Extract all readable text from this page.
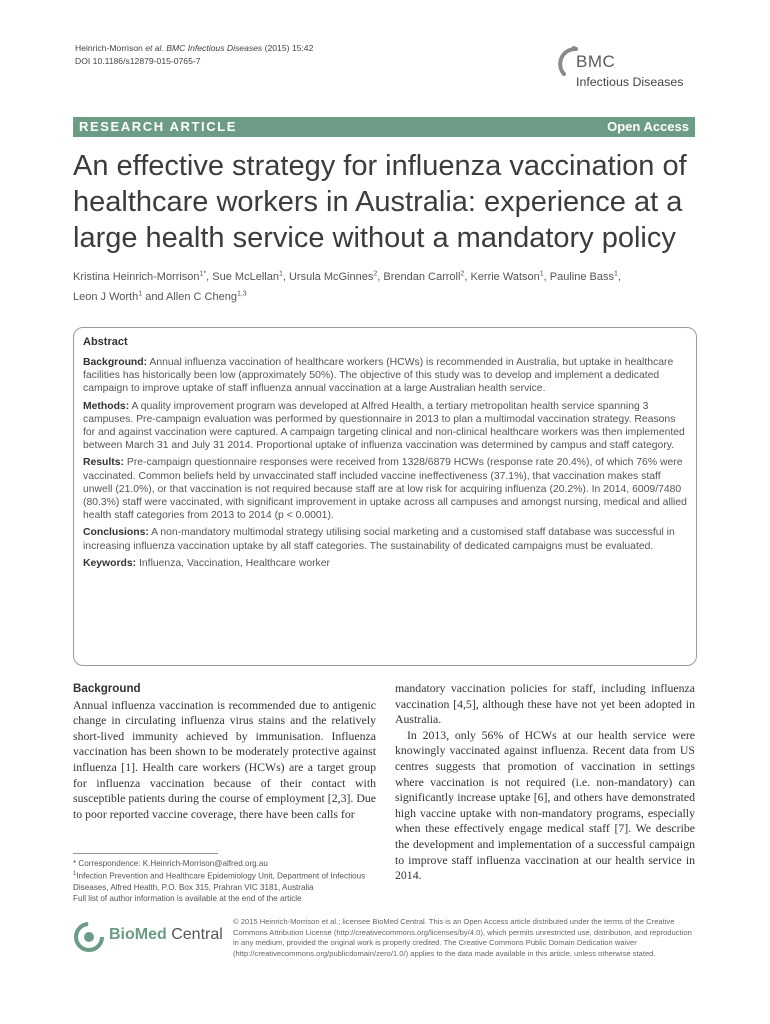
Heinrich-Morrison et al. BMC Infectious Diseases (2015) 15:42
DOI 10.1186/s12879-015-0765-7	BMC
Infectious Diseases
RESEARCH ARTICLE	Open Access
An effective strategy for influenza vaccination of healthcare workers in Australia: experience at a large health service without a mandatory policy
Kristina Heinrich-Morrison$^{1*}$, Sue McLellan$^1$, Ursula McGinnes$^2$, Brendan Carroll$^2$, Kerrie Watson$^1$, Pauline Bass$^1$,
Leon J Worth$^1$ and Allen C Cheng$^{1,3}$
Abstract

Background: Annual influenza vaccination of healthcare workers (HCWs) is recommended in Australia, but uptake in healthcare facilities has historically been low (approximately 50%). The objective of this study was to develop and implement a dedicated campaign to improve uptake of staff influenza annual vaccination at a large Australian health service.

Methods: A quality improvement program was developed at Alfred Health, a tertiary metropolitan health service spanning 3 campuses. Pre-campaign evaluation was performed by questionnaire in 2013 to plan a multimodal vaccination strategy. Reasons for and against vaccination were captured. A campaign targeting clinical and non-clinical healthcare workers was then implemented between March 31 and July 31 2014. Proportional uptake of influenza vaccination was determined by campus and staff category.

Results: Pre-campaign questionnaire responses were received from 1328/6879 HCWs (response rate 20.4%), of which 76% were vaccinated. Common beliefs held by unvaccinated staff included vaccine ineffectiveness (37.1%), that vaccination makes staff unwell (21.0%), or that vaccination is not required because staff are at low risk for acquiring influenza (20.2%). In 2014, 6009/7480 (80.3%) staff were vaccinated, with significant improvement in uptake across all campuses and amongst nursing, medical and allied health staff categories from 2013 to 2014 (p < 0.0001).

Conclusions: A non-mandatory multimodal strategy utilising social marketing and a customised staff database was successful in increasing influenza vaccination uptake by all staff categories. The sustainability of dedicated campaigns must be evaluated.

Keywords: Influenza, Vaccination, Healthcare worker

Background

Annual influenza vaccination is recommended due to antigenic change in circulating influenza virus stains and the relatively short-lived immunity achieved by immunisation. Influenza vaccination has been shown to be moderately protective against influenza [1]. Health care workers (HCWs) are a target group for influenza vaccination because of their contact with susceptible patients during the course of employment [2,3]. Due to poor reported vaccine coverage, there have been calls for

mandatory vaccination policies for staff, including influenza vaccination [4,5], although these have not yet been adopted in Australia.

In 2013, only 56% of HCWs at our health service were knowingly vaccinated against influenza. Recent data from US centres suggests that promotion of vaccination in settings where vaccination is not required (i.e. non-mandatory) can significantly increase uptake [6], and others have demonstrated high vaccine uptake with non-mandatory programs, especially when these effectively engage medical staff [7]. We describe the development and implementation of a successful campaign to improve staff influenza vaccination at our health service in 2014.

* Correspondence: K.Heinrich-Morrison@alfred.org.au
$^1$Infection Prevention and Healthcare Epidemiology Unit, Department of Infectious Diseases, Alfred Health, P.O. Box 315, Prahran VIC 3181, Australia
Full list of author information is available at the end of the article
BioMed Central
© 2015 Heinrich-Morrison et al.; licensee BioMed Central. This is an Open Access article distributed under the terms of the Creative Commons Attribution License (http://creativecommons.org/licenses/by/4.0), which permits unrestricted use, distribution, and reproduction in any medium, provided the original work is properly credited. The Creative Commons Public Domain Dedication waiver (http://creativecommons.org/publicdomain/zero/1.0/) applies to the data made available in this article, unless otherwise stated.
